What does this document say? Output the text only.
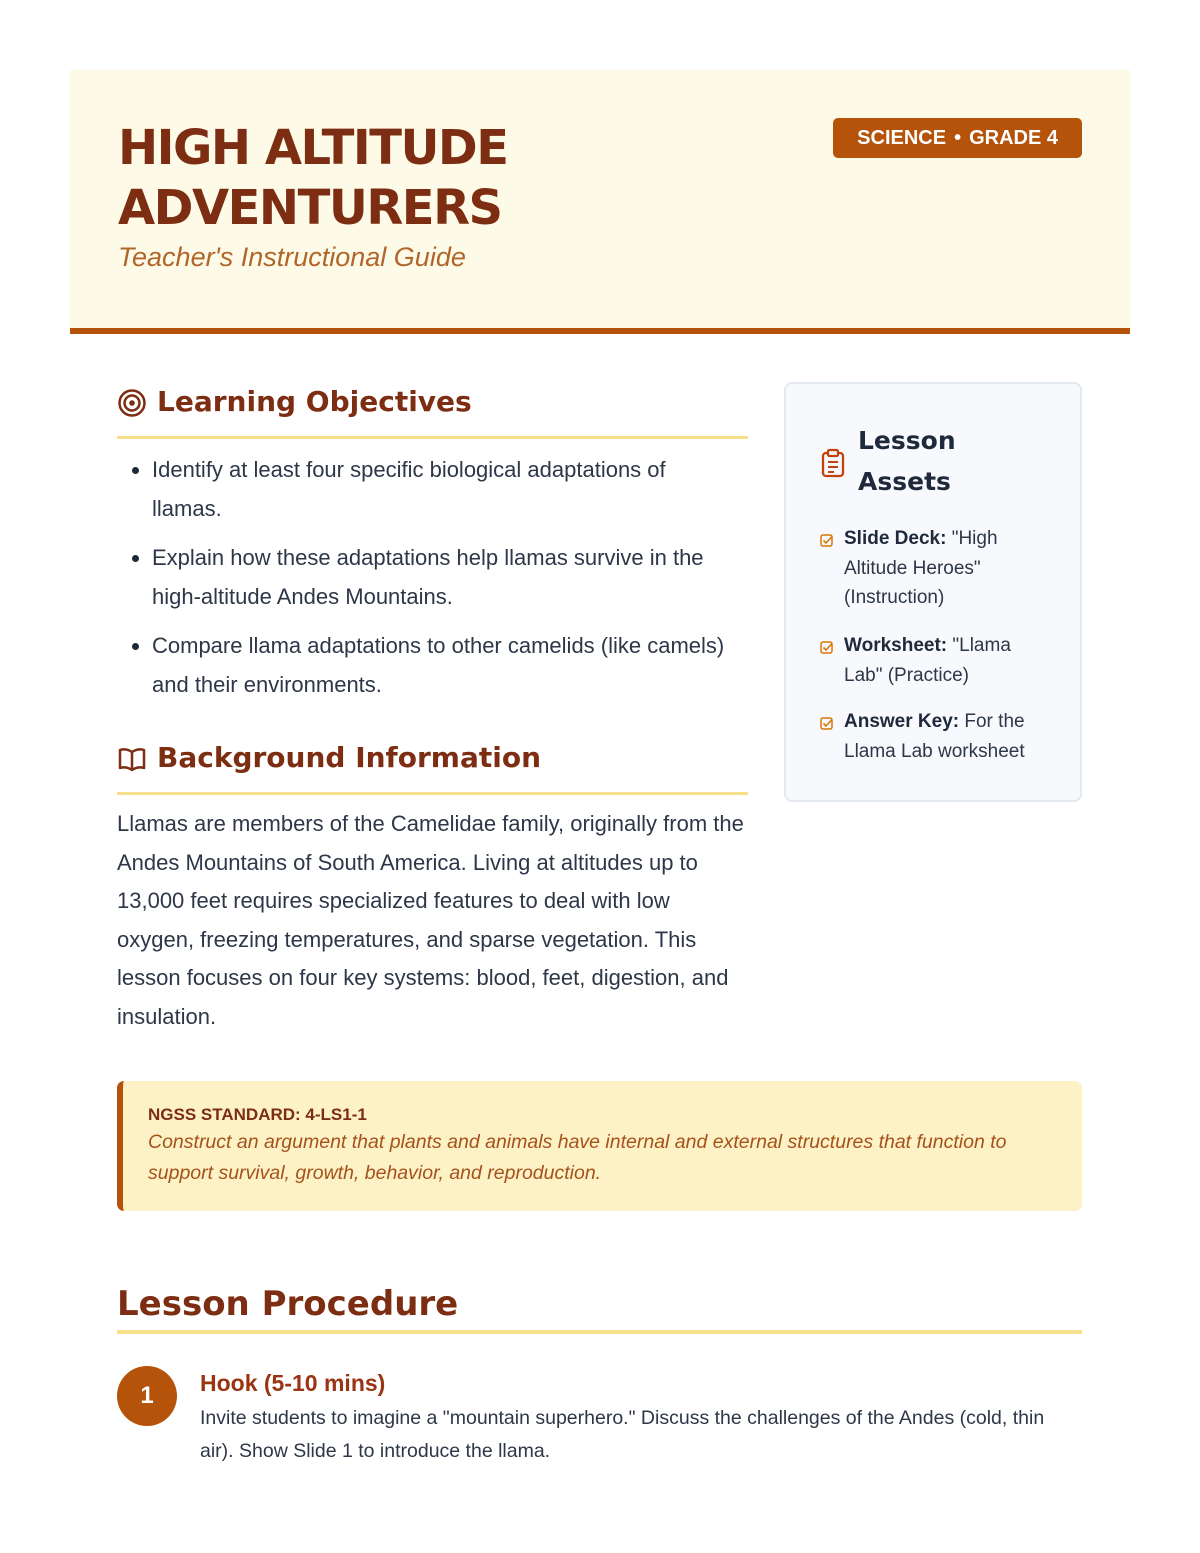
HIGH ALTITUDE ADVENTURERS
Teacher's Instructional Guide
SCIENCE • GRADE 4
Learning Objectives
• Identify at least four specific biological adaptations of llamas.
• Explain how these adaptations help llamas survive in the high-altitude Andes Mountains.
• Compare llama adaptations to other camelids (like camels) and their environments.
Background Information

Llamas are members of the Camelidae family, originally from the Andes Mountains of South America. Living at altitudes up to 13,000 feet requires specialized features to deal with low oxygen, freezing temperatures, and sparse vegetation. This lesson focuses on four key systems: blood, feet, digestion, and insulation.

Lesson Assets
Slide Deck: "High Altitude Heroes" (Instruction)
Worksheet: "Llama Lab" (Practice)
Answer Key: For the Llama Lab worksheet
NGSS STANDARD: 4-LS1-1

Construct an argument that plants and animals have internal and external structures that function to support survival, growth, behavior, and reproduction.

Lesson Procedure
1	Hook (5-10 mins)

Invite students to imagine a "mountain superhero." Discuss the challenges of the Andes (cold, thin air). Show Slide 1 to introduce the llama.
